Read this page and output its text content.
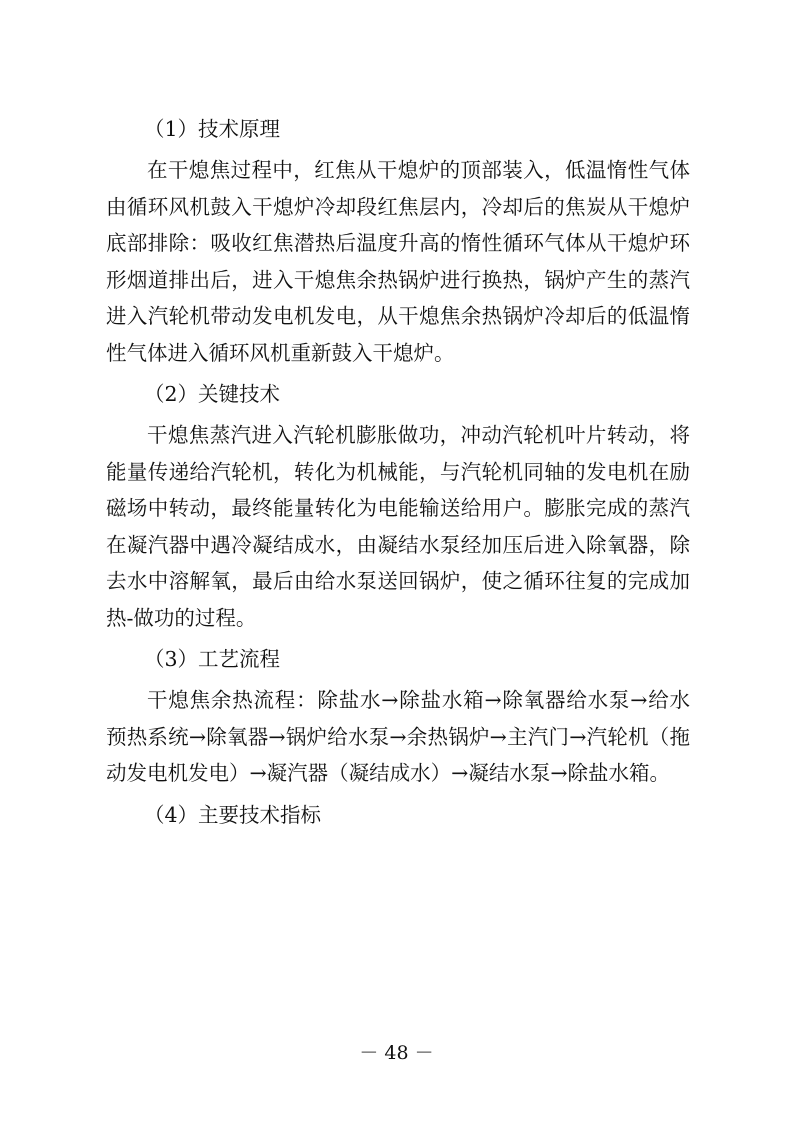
（1）技术原理

在干熄焦过程中，红焦从干熄炉的顶部装入，低温惰性气体由循环风机鼓入干熄炉冷却段红焦层内，冷却后的焦炭从干熄炉底部排除：吸收红焦潜热后温度升高的惰性循环气体从干熄炉环形烟道排出后，进入干熄焦余热锅炉进行换热，锅炉产生的蒸汽进入汽轮机带动发电机发电，从干熄焦余热锅炉冷却后的低温惰性气体进入循环风机重新鼓入干熄炉。

（2）关键技术

干熄焦蒸汽进入汽轮机膨胀做功，冲动汽轮机叶片转动，将能量传递给汽轮机，转化为机械能，与汽轮机同轴的发电机在励磁场中转动，最终能量转化为电能输送给用户。膨胀完成的蒸汽在凝汽器中遇冷凝结成水，由凝结水泵经加压后进入除氧器，除去水中溶解氧，最后由给水泵送回锅炉，使之循环往复的完成加热-做功的过程。

（3）工艺流程

干熄焦余热流程：除盐水→除盐水箱→除氧器给水泵→给水预热系统→除氧器→锅炉给水泵→余热锅炉→主汽门→汽轮机（拖动发电机发电）→凝汽器（凝结成水）→凝结水泵→除盐水箱。

（4）主要技术指标
－ 48 －
